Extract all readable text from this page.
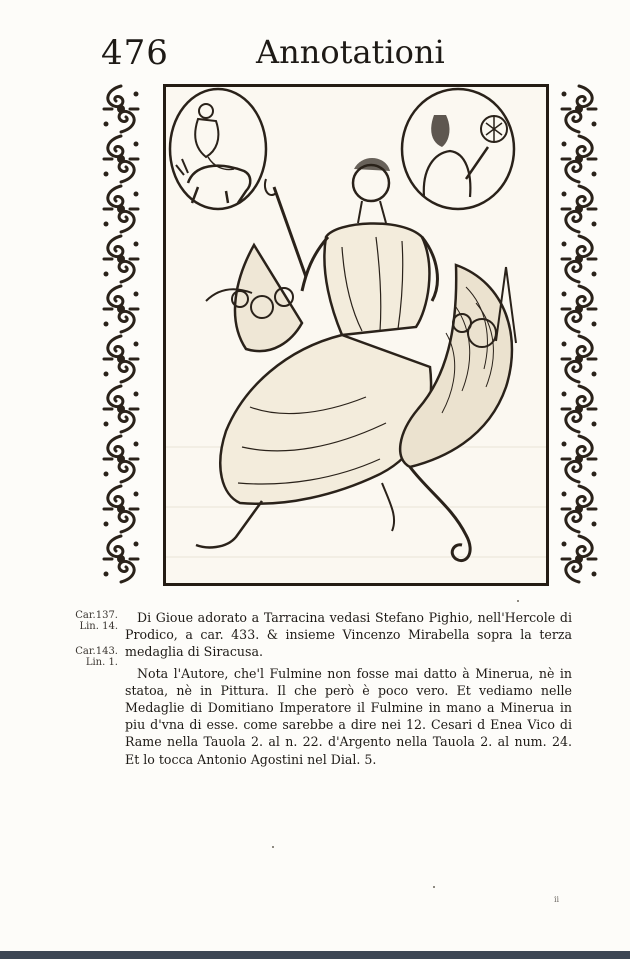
476	Annotationi
Car.137.
Lin. 14.
Car.143.
Lin. 1.

Di Gioue adorato a Tarracina vedasi Stefano Pighio, nell'Hercole di Prodico, a car. 433. & insieme Vincenzo Mirabella sopra la terza medaglia di Siracusa.

Nota l'Autore, che'l Fulmine non fosse mai datto à Minerua, nè in statoa, nè in Pittura. Il che però è poco vero. Et vediamo nelle Medaglie di Domitiano Imperatore il Fulmine in mano a Minerua in piu d'vna di esse. come sarebbe a dire nei 12. Cesari d Enea Vico di Rame nella Tauola 2. al n. 22. d'Argento nella Tauola 2. al num. 24. Et lo tocca Antonio Agostini nel Dial. 5.

ii
